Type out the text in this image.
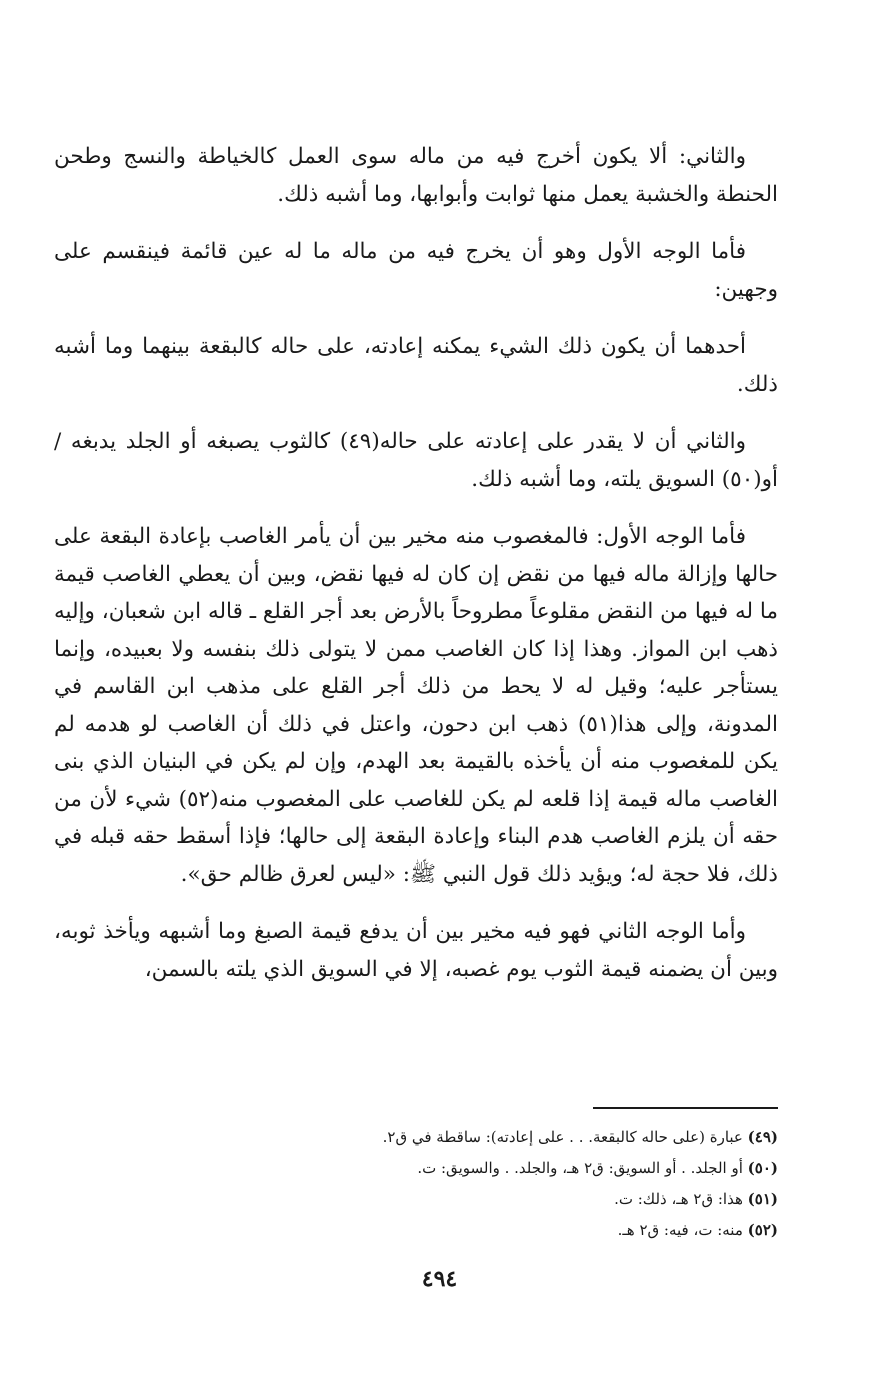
والثاني: ألا يكون أخرج فيه من ماله سوى العمل كالخياطة والنسج وطحن الحنطة والخشبة يعمل منها ثوابت وأبوابها، وما أشبه ذلك.

فأما الوجه الأول وهو أن يخرج فيه من ماله ما له عين قائمة فينقسم على وجهين:

أحدهما أن يكون ذلك الشيء يمكنه إعادته، على حاله كالبقعة بينهما وما أشبه ذلك.

والثاني أن لا يقدر على إعادته على حاله(٤٩) كالثوب يصبغه أو الجلد يدبغه / أو(٥٠) السويق يلته، وما أشبه ذلك.

فأما الوجه الأول: فالمغصوب منه مخير بين أن يأمر الغاصب بإعادة البقعة على حالها وإزالة ماله فيها من نقض إن كان له فيها نقض، وبين أن يعطي الغاصب قيمة ما له فيها من النقض مقلوعاً مطروحاً بالأرض بعد أجر القلع ـ قاله ابن شعبان، وإليه ذهب ابن المواز. وهذا إذا كان الغاصب ممن لا يتولى ذلك بنفسه ولا بعبيده، وإنما يستأجر عليه؛ وقيل له لا يحط من ذلك أجر القلع على مذهب ابن القاسم في المدونة، وإلى هذا(٥١) ذهب ابن دحون، واعتل في ذلك أن الغاصب لو هدمه لم يكن للمغصوب منه أن يأخذه بالقيمة بعد الهدم، وإن لم يكن في البنيان الذي بنى الغاصب ماله قيمة إذا قلعه لم يكن للغاصب على المغصوب منه(٥٢) شيء لأن من حقه أن يلزم الغاصب هدم البناء وإعادة البقعة إلى حالها؛ فإذا أسقط حقه قبله في ذلك، فلا حجة له؛ ويؤيد ذلك قول النبي ﷺ: «ليس لعرق ظالم حق».

وأما الوجه الثاني فهو فيه مخير بين أن يدفع قيمة الصبغ وما أشبهه ويأخذ ثوبه، وبين أن يضمنه قيمة الثوب يوم غصبه، إلا في السويق الذي يلته بالسمن،

(٤٩) عبارة (على حاله كالبقعة. . . على إعادته): ساقطة في ق٢.

(٥٠) أو الجلد. . أو السويق: ق٢ هـ، والجلد. . والسويق: ت.

(٥١) هذا: ق٢ هـ، ذلك: ت.

(٥٢) منه: ت، فيه: ق٢ هـ.

٤٩٤
